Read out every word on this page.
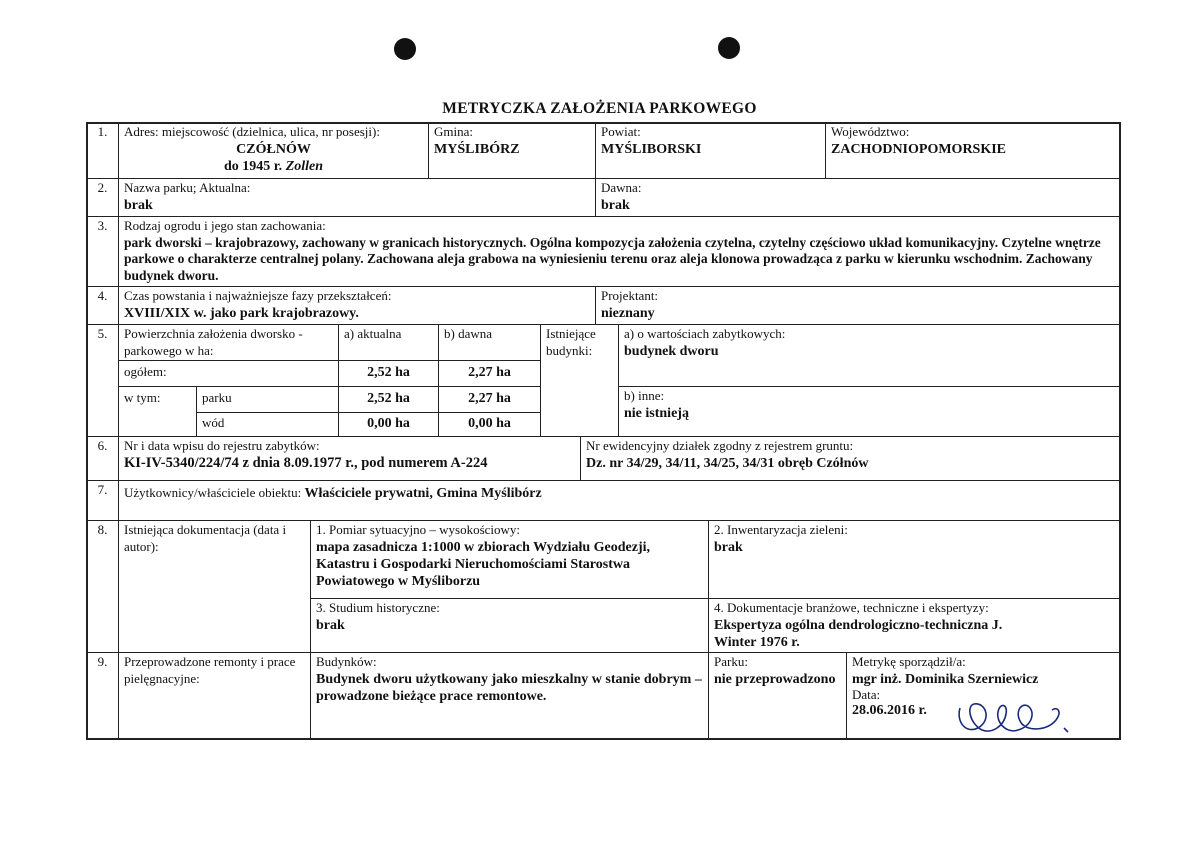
METRYCZKA ZAŁOŻENIA PARKOWEGO
1.	Adres: miejscowość (dzielnica, ulica, nr posesji):
CZÓŁNÓW
do 1945 r. Zollen
Gmina:
MYŚLIBÓRZ
Powiat:
MYŚLIBORSKI
Województwo:
ZACHODNIOPOMORSKIE
2.	Nazwa parku; Aktualna:
brak
Dawna:
brak
3.	Rodzaj ogrodu i jego stan zachowania:
park dworski – krajobrazowy, zachowany w granicach historycznych. Ogólna kompozycja założenia czytelna, czytelny częściowo układ komunikacyjny. Czytelne wnętrze parkowe o charakterze centralnej polany. Zachowana aleja grabowa na wyniesieniu terenu oraz aleja klonowa prowadząca z parku w kierunku wschodnim. Zachowany budynek dworu.
4.	Czas powstania i najważniejsze fazy przekształceń:
XVIII/XIX w. jako park krajobrazowy.
Projektant:
nieznany
5.	Powierzchnia założenia dworsko - parkowego w ha:
a) aktualna	b) dawna	Istniejące budynki:
a) o wartościach zabytkowych:
budynek dworu
ogółem:	2,52 ha	2,27 ha
w tym:	parku	2,52 ha	2,27 ha
wód	0,00 ha	0,00 ha
b) inne:
nie istnieją
6.	Nr i data wpisu do rejestru zabytków:
KI-IV-5340/224/74 z dnia 8.09.1977 r., pod numerem A-224
Nr ewidencyjny działek zgodny z rejestrem gruntu:
Dz. nr 34/29, 34/11, 34/25, 34/31 obręb Czółnów
7.	Użytkownicy/właściciele obiektu: Właściciele prywatni, Gmina Myślibórz
8.	Istniejąca dokumentacja (data i autor):
1. Pomiar sytuacyjno – wysokościowy:
mapa zasadnicza 1:1000 w zbiorach Wydziału Geodezji, Katastru i Gospodarki Nieruchomościami Starostwa Powiatowego w Myśliborzu
2. Inwentaryzacja zieleni:
brak
3. Studium historyczne:
brak
4. Dokumentacje branżowe, techniczne i ekspertyzy:
Ekspertyza ogólna dendrologiczno-techniczna J. Winter 1976 r.
9.	Przeprowadzone remonty i prace pielęgnacyjne:
Budynków:
Budynek dworu użytkowany jako mieszkalny w stanie dobrym – prowadzone bieżące prace remontowe.
Parku:
nie przeprowadzono
Metrykę sporządził/a:
mgr inż. Dominika Szerniewicz
Data:
28.06.2016 r.
